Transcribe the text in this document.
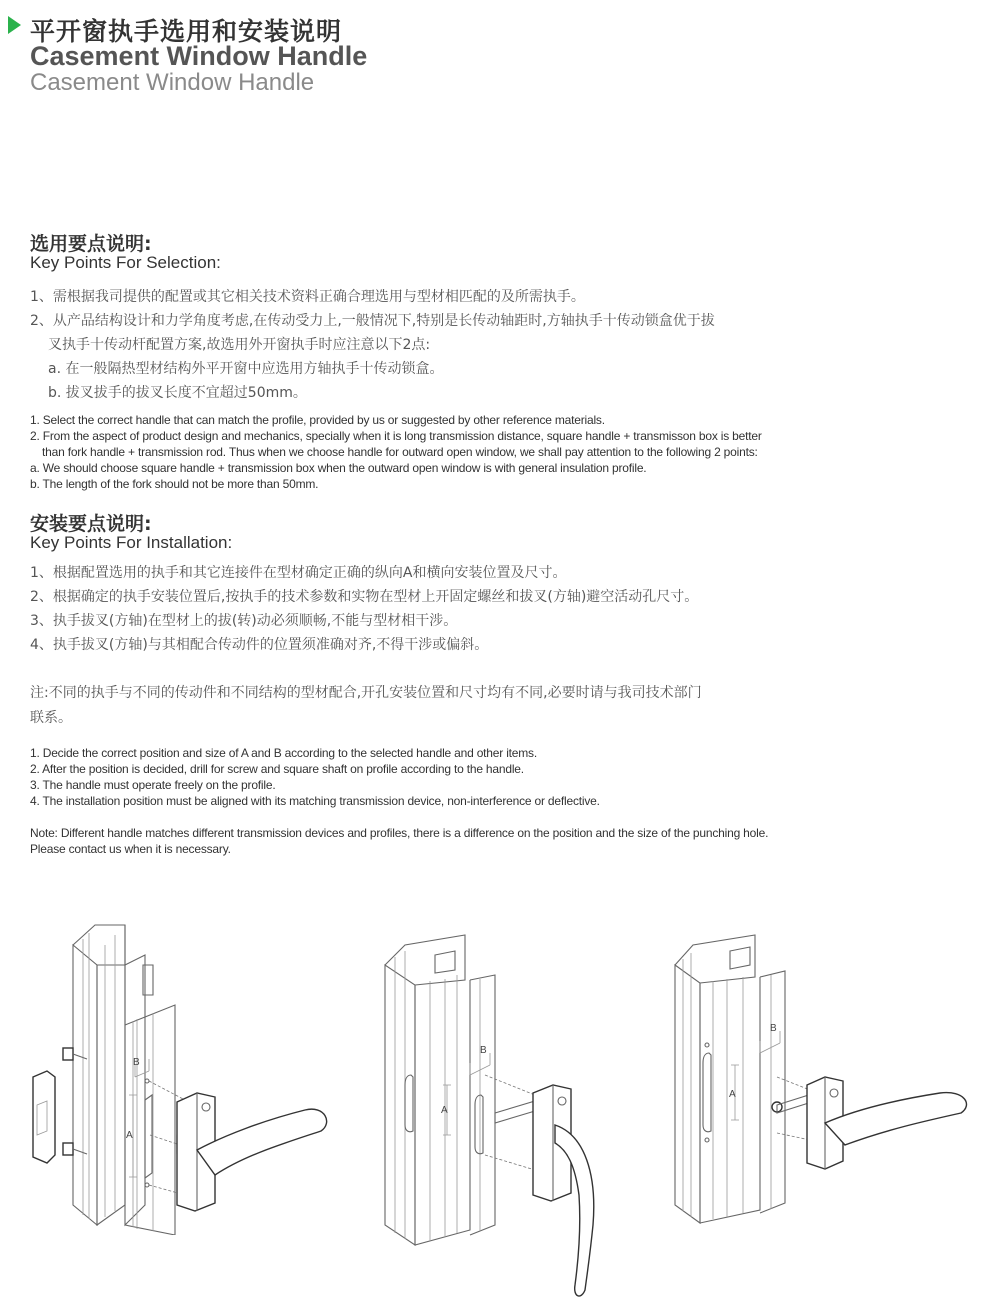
平开窗执手选用和安装说明
Casement Window Handle
Casement Window Handle
选用要点说明:
Key Points For Selection:
1、需根据我司提供的配置或其它相关技术资料正确合理选用与型材相匹配的及所需执手。
2、从产品结构设计和力学角度考虑,在传动受力上,一般情况下,特别是长传动轴距时,方轴执手十传动锁盒优于拔
叉执手十传动杆配置方案,故选用外开窗执手时应注意以下2点:
a. 在一般隔热型材结构外平开窗中应选用方轴执手十传动锁盒。
b. 拔叉拔手的拔叉长度不宜超过50mm。
1. Select the correct handle that can match the profile, provided by us or suggested by other reference materials.
2. From the aspect of product design and mechanics, specially when it is long transmission distance, square handle + transmisson box is better
than fork handle + transmission rod. Thus when we choose handle for outward open window, we shall pay attention to the following 2 points:
a. We should choose square handle + transmission box when the outward open window is with general insulation profile.
b. The length of the fork should not be more than 50mm.
安装要点说明:
Key Points For Installation:
1、根据配置选用的执手和其它连接件在型材确定正确的纵向A和横向安装位置及尺寸。
2、根据确定的执手安装位置后,按执手的技术参数和实物在型材上开固定螺丝和拔叉(方轴)避空活动孔尺寸。
3、执手拔叉(方轴)在型材上的拔(转)动必须顺畅,不能与型材相干涉。
4、执手拔叉(方轴)与其相配合传动件的位置须准确对齐,不得干涉或偏斜。
注:不同的执手与不同的传动件和不同结构的型材配合,开孔安装位置和尺寸均有不同,必要时请与我司技术部门
联系。
1. Decide the correct position and size of A and B according to the selected handle and other items.
2. After the position is decided, drill for screw and square shaft on profile according to the handle.
3. The handle must operate freely on the profile.
4. The installation position must be aligned with its matching transmission device, non-interference or deflective.
Note: Different handle matches different transmission devices and profiles, there is a difference on the position and the size of the punching hole.
Please contact us when it is necessary.
A
B
A
B
A
B
